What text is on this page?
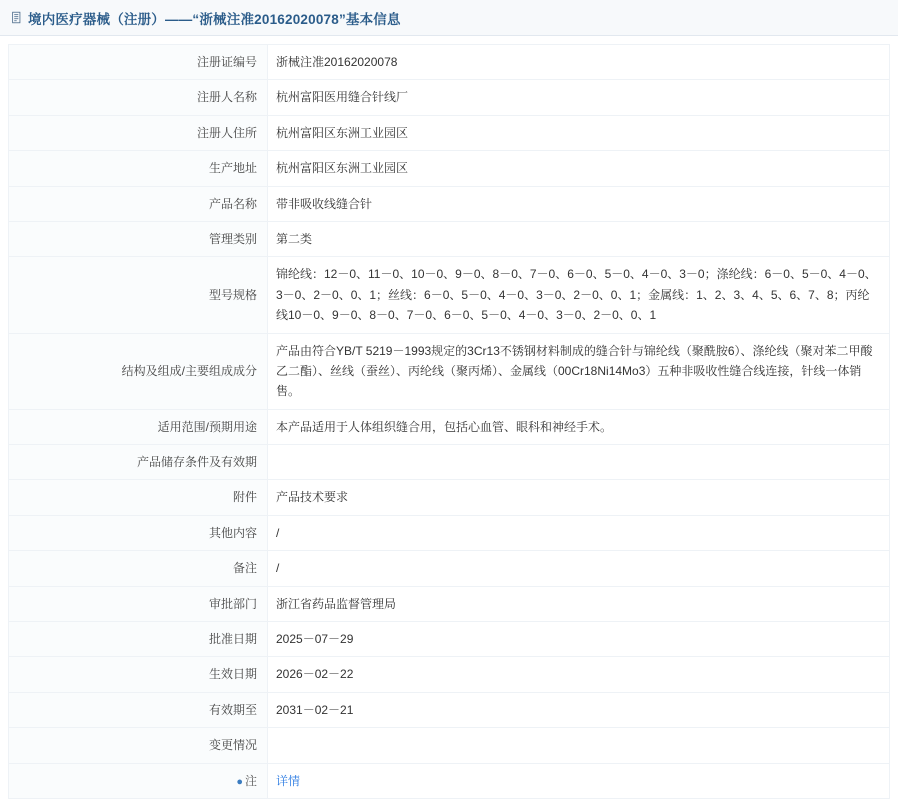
境内医疗器械（注册）——“浙械注准20162020078”基本信息
注册证编号	浙械注准20162020078
注册人名称	杭州富阳医用缝合针线厂
注册人住所	杭州富阳区东洲工业园区
生产地址	杭州富阳区东洲工业园区
产品名称	带非吸收线缝合针
管理类别	第二类
型号规格	锦纶线：12－0、11－0、10－0、9－0、8－0、7－0、6－0、5－0、4－0、3－0；涤纶线：6－0、5－0、4－0、3－0、2－0、0、1；丝线：6－0、5－0、4－0、3－0、2－0、0、1；金属线：1、2、3、4、5、6、7、8；丙纶线10－0、9－0、8－0、7－0、6－0、5－0、4－0、3－0、2－0、0、1
结构及组成/主要组成成分	产品由符合YB/T 5219－1993规定的3Cr13不锈钢材料制成的缝合针与锦纶线（聚酰胺6）、涤纶线（聚对苯二甲酸乙二酯）、丝线（蚕丝）、丙纶线（聚丙烯）、金属线（00Cr18Ni14Mo3）五种非吸收性缝合线连接，针线一体销售。
适用范围/预期用途	本产品适用于人体组织缝合用，包括心血管、眼科和神经手术。
产品储存条件及有效期	
附件	产品技术要求
其他内容	/
备注	/
审批部门	浙江省药品监督管理局
批准日期	2025－07－29
生效日期	2026－02－22
有效期至	2031－02－21
变更情况	
● 注	详情
